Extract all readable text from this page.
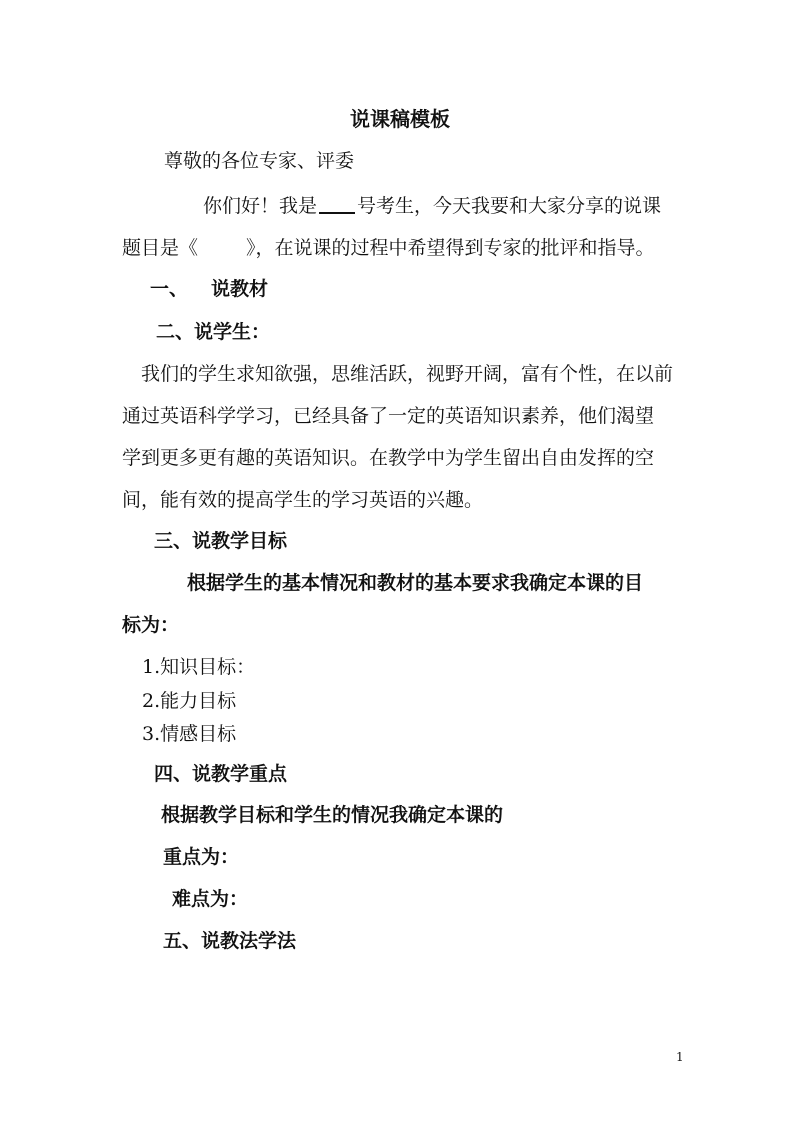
说课稿模板
尊敬的各位专家、评委
你们好！我是 号考生，今天我要和大家分享的说课
题目是《	》，在说课的过程中希望得到专家的批评和指导。
一、 说教材
二、说学生：
我们的学生求知欲强，思维活跃，视野开阔，富有个性，在以前
通过英语科学学习，已经具备了一定的英语知识素养，他们渴望
学到更多更有趣的英语知识。在教学中为学生留出自由发挥的空
间，能有效的提高学生的学习英语的兴趣。
三、说教学目标
根据学生的基本情况和教材的基本要求我确定本课的目
标为：
1.知识目标：
2.能力目标
3.情感目标
四、说教学重点
根据教学目标和学生的情况我确定本课的
重点为：
难点为：
五、说教法学法
1
